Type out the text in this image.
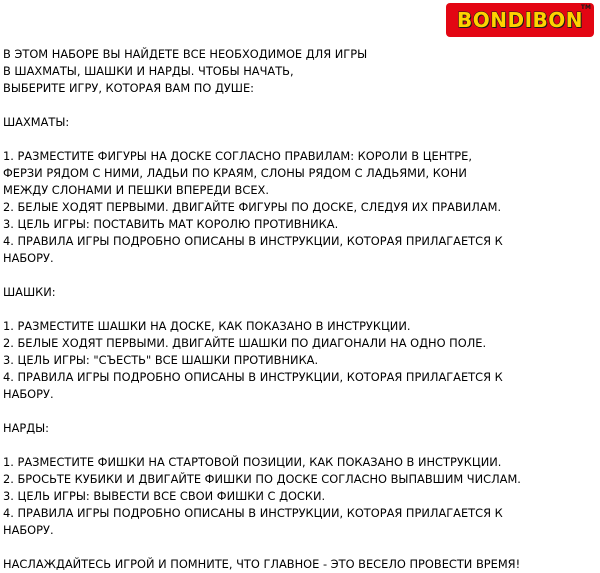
BONDIBON
TM
В ЭТОМ НАБОРЕ ВЫ НАЙДЕТЕ ВСЕ НЕОБХОДИМОЕ ДЛЯ ИГРЫ
В ШАХМАТЫ, ШАШКИ И НАРДЫ. ЧТОБЫ НАЧАТЬ,
ВЫБЕРИТЕ ИГРУ, КОТОРАЯ ВАМ ПО ДУШЕ:
ШАХМАТЫ:
1. РАЗМЕСТИТЕ ФИГУРЫ НА ДОСКЕ СОГЛАСНО ПРАВИЛАМ: КОРОЛИ В ЦЕНТРЕ,
ФЕРЗИ РЯДОМ С НИМИ, ЛАДЬИ ПО КРАЯМ, СЛОНЫ РЯДОМ С ЛАДЬЯМИ, КОНИ
МЕЖДУ СЛОНАМИ И ПЕШКИ ВПЕРЕДИ ВСЕХ.
2. БЕЛЫЕ ХОДЯТ ПЕРВЫМИ. ДВИГАЙТЕ ФИГУРЫ ПО ДОСКЕ, СЛЕДУЯ ИХ ПРАВИЛАМ.
3. ЦЕЛЬ ИГРЫ: ПОСТАВИТЬ МАТ КОРОЛЮ ПРОТИВНИКА.
4. ПРАВИЛА ИГРЫ ПОДРОБНО ОПИСАНЫ В ИНСТРУКЦИИ, КОТОРАЯ ПРИЛАГАЕТСЯ К
НАБОРУ.
ШАШКИ:
1. РАЗМЕСТИТЕ ШАШКИ НА ДОСКЕ, КАК ПОКАЗАНО В ИНСТРУКЦИИ.
2. БЕЛЫЕ ХОДЯТ ПЕРВЫМИ. ДВИГАЙТЕ ШАШКИ ПО ДИАГОНАЛИ НА ОДНО ПОЛЕ.
3. ЦЕЛЬ ИГРЫ: "СЪЕСТЬ" ВСЕ ШАШКИ ПРОТИВНИКА.
4. ПРАВИЛА ИГРЫ ПОДРОБНО ОПИСАНЫ В ИНСТРУКЦИИ, КОТОРАЯ ПРИЛАГАЕТСЯ К
НАБОРУ.
НАРДЫ:
1. РАЗМЕСТИТЕ ФИШКИ НА СТАРТОВОЙ ПОЗИЦИИ, КАК ПОКАЗАНО В ИНСТРУКЦИИ.
2. БРОСЬТЕ КУБИКИ И ДВИГАЙТЕ ФИШКИ ПО ДОСКЕ СОГЛАСНО ВЫПАВШИМ ЧИСЛАМ.
3. ЦЕЛЬ ИГРЫ: ВЫВЕСТИ ВСЕ СВОИ ФИШКИ С ДОСКИ.
4. ПРАВИЛА ИГРЫ ПОДРОБНО ОПИСАНЫ В ИНСТРУКЦИИ, КОТОРАЯ ПРИЛАГАЕТСЯ К
НАБОРУ.
НАСЛАЖДАЙТЕСЬ ИГРОЙ И ПОМНИТЕ, ЧТО ГЛАВНОЕ - ЭТО ВЕСЕЛО ПРОВЕСТИ ВРЕМЯ!
